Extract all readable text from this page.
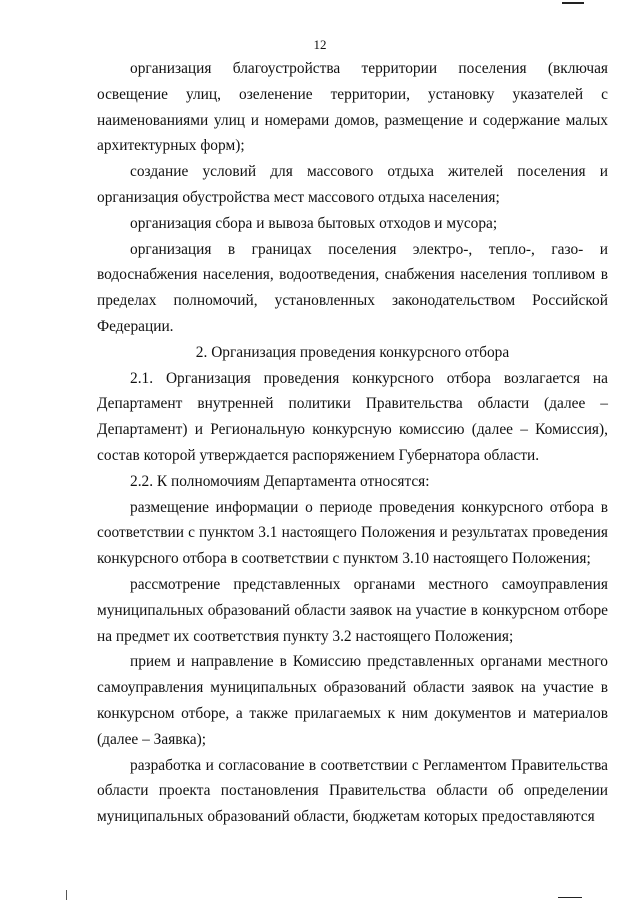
12

организация благоустройства территории поселения (включая освещение улиц, озеленение территории, установку указателей с наименованиями улиц и номерами домов, размещение и содержание малых архитектурных форм);

создание условий для массового отдыха жителей поселения и организация обустройства мест массового отдыха населения;

организация сбора и вывоза бытовых отходов и мусора;

организация в границах поселения электро-, тепло-, газо- и водоснабжения населения, водоотведения, снабжения населения топливом в пределах полномочий, установленных законодательством Российской Федерации.

2. Организация проведения конкурсного отбора

2.1. Организация проведения конкурсного отбора возлагается на Департамент внутренней политики Правительства области (далее – Департамент) и Региональную конкурсную комиссию (далее – Комиссия), состав которой утверждается распоряжением Губернатора области.

2.2. К полномочиям Департамента относятся:

размещение информации о периоде проведения конкурсного отбора в соответствии с пунктом 3.1 настоящего Положения и результатах проведения конкурсного отбора в соответствии с пунктом 3.10 настоящего Положения;

рассмотрение представленных органами местного самоуправления муниципальных образований области заявок на участие в конкурсном отборе на предмет их соответствия пункту 3.2 настоящего Положения;

прием и направление в Комиссию представленных органами местного самоуправления муниципальных образований области заявок на участие в конкурсном отборе, а также прилагаемых к ним документов и материалов (далее – Заявка);

разработка и согласование в соответствии с Регламентом Правительства области проекта постановления Правительства области об определении муниципальных образований области, бюджетам которых предоставляются
